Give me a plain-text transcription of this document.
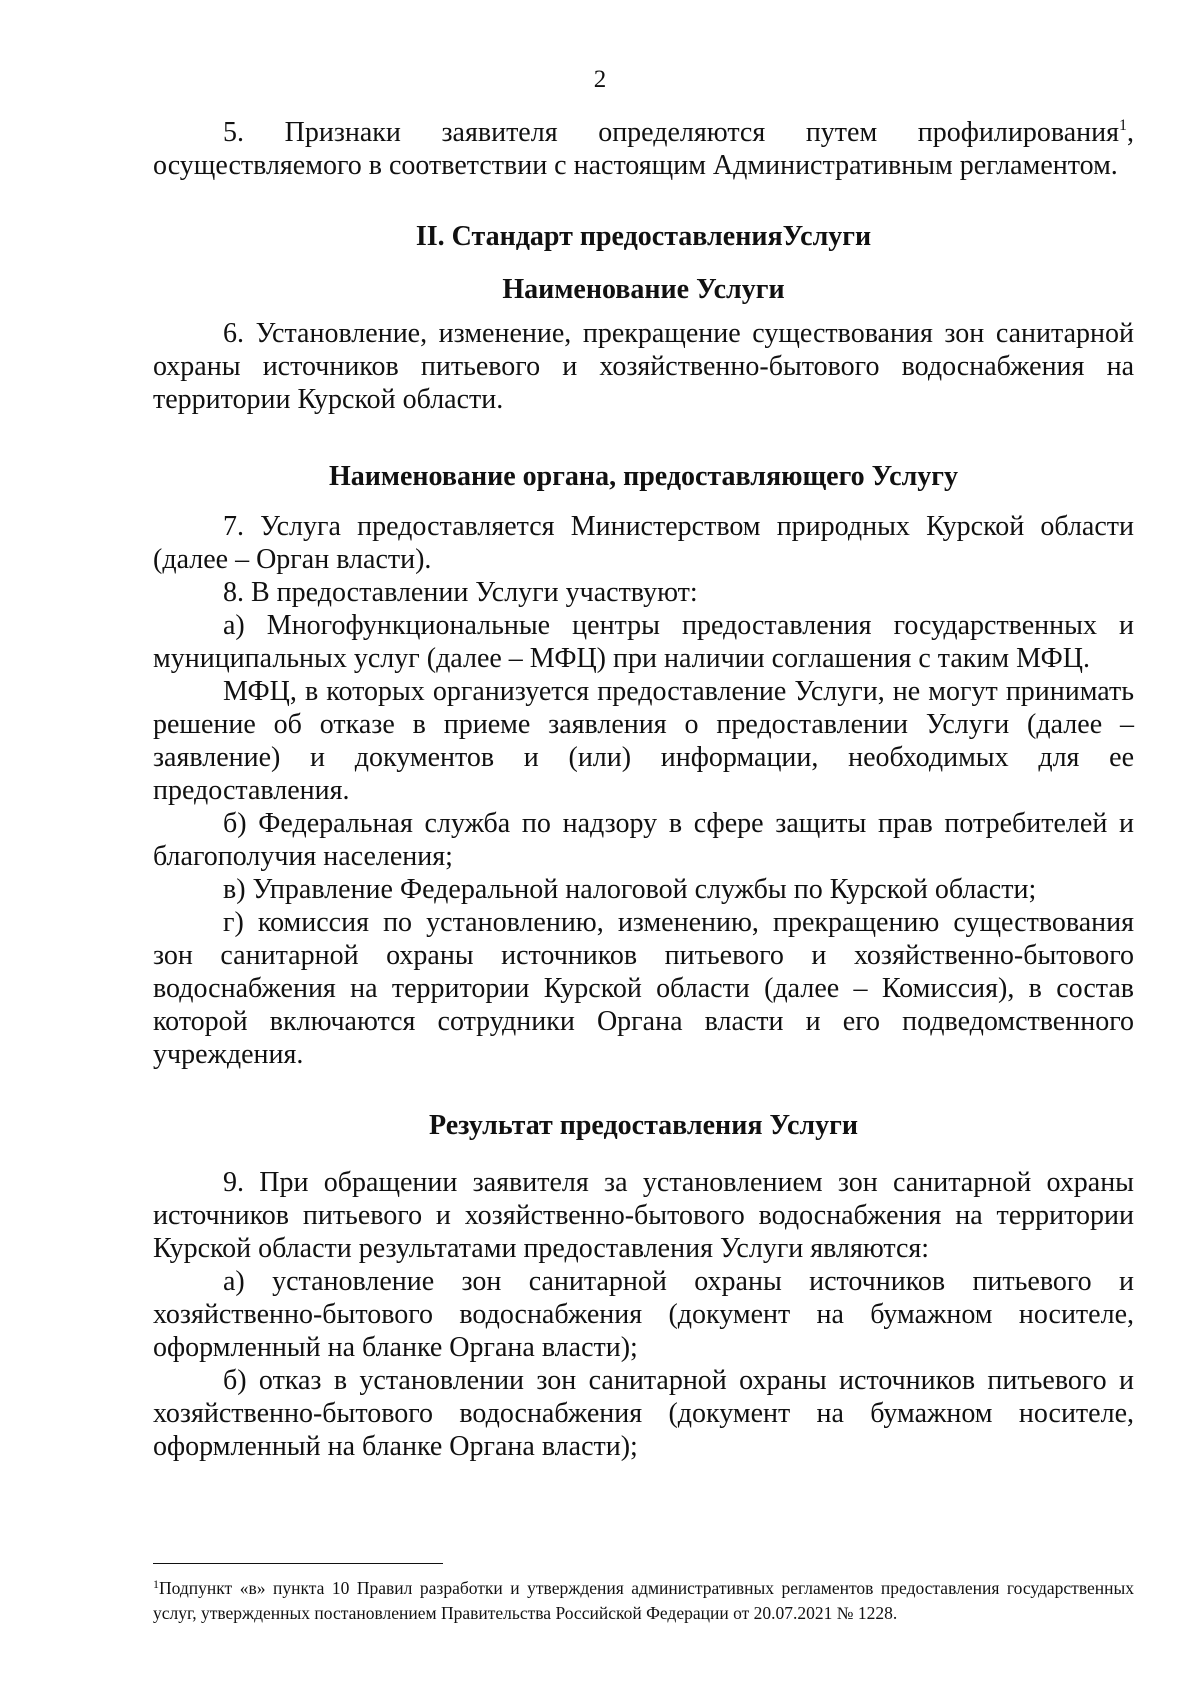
2

5. Признаки заявителя определяются путем профилирования$^1$, осуществляемого в соответствии с настоящим Административным регламентом.

II. Стандарт предоставленияУслуги
Наименование Услуги

6. Установление, изменение, прекращение существования зон санитарной охраны источников питьевого и хозяйственно-бытового водоснабжения на территории Курской области.

Наименование органа, предоставляющего Услугу

7. Услуга предоставляется Министерством природных Курской области (далее – Орган власти).

8. В предоставлении Услуги участвуют:

а) Многофункциональные центры предоставления государственных и муниципальных услуг (далее – МФЦ) при наличии соглашения с таким МФЦ.

МФЦ, в которых организуется предоставление Услуги, не могут принимать решение об отказе в приеме заявления о предоставлении Услуги (далее – заявление) и документов и (или) информации, необходимых для ее предоставления.

б) Федеральная служба по надзору в сфере защиты прав потребителей и благополучия населения;

в) Управление Федеральной налоговой службы по Курской области;

г) комиссия по установлению, изменению, прекращению существования зон санитарной охраны источников питьевого и хозяйственно-бытового водоснабжения на территории Курской области (далее – Комиссия), в состав которой включаются сотрудники Органа власти и его подведомственного учреждения.

Результат предоставления Услуги

9. При обращении заявителя за установлением зон санитарной охраны источников питьевого и хозяйственно-бытового водоснабжения на территории Курской области результатами предоставления Услуги являются:

а) установление зон санитарной охраны источников питьевого и хозяйственно-бытового водоснабжения (документ на бумажном носителе, оформленный на бланке Органа власти);

б) отказ в установлении зон санитарной охраны источников питьевого и хозяйственно-бытового водоснабжения (документ на бумажном носителе, оформленный на бланке Органа власти);

$^1$Подпункт «в» пункта 10 Правил разработки и утверждения административных регламентов предоставления государственных услуг, утвержденных постановлением Правительства Российской Федерации от 20.07.2021 № 1228.
